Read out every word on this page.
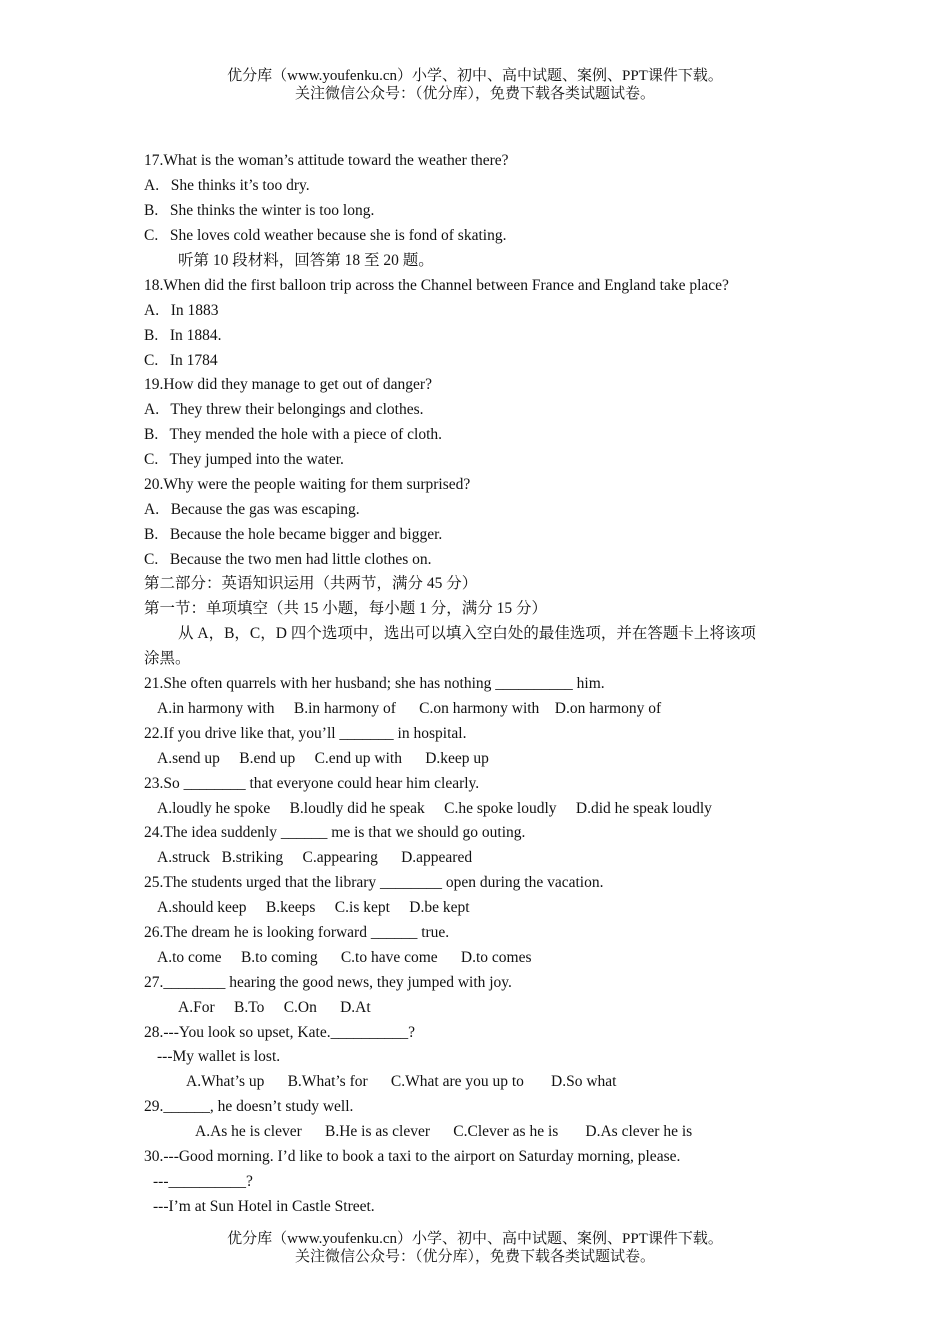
优分库（www.youfenku.cn）小学、初中、高中试题、案例、PPT课件下载。
关注微信公众号：（优分库），免费下载各类试题试卷。
17.What is the woman’s attitude toward the weather there?
A.   She thinks it’s too dry.
B.   She thinks the winter is too long.
C.   She loves cold weather because she is fond of skating.
听第 10 段材料，回答第 18 至 20 题。
18.When did the first balloon trip across the Channel between France and England take place?
A.   In 1883
B.   In 1884.
C.   In 1784
19.How did they manage to get out of danger?
A.   They threw their belongings and clothes.
B.   They mended the hole with a piece of cloth.
C.   They jumped into the water.
20.Why were the people waiting for them surprised?
A.   Because the gas was escaping.
B.   Because the hole became bigger and bigger.
C.   Because the two men had little clothes on.
第二部分：英语知识运用（共两节，满分 45 分）
第一节：单项填空（共 15 小题，每小题 1 分，满分 15 分）
从 A，B，C，D 四个选项中，选出可以填入空白处的最佳选项，并在答题卡上将该项
涂黑。
21.She often quarrels with her husband; she has nothing __________ him.
A.in harmony with     B.in harmony of      C.on harmony with    D.on harmony of
22.If you drive like that, you’ll _______ in hospital.
A.send up     B.end up     C.end up with      D.keep up
23.So ________ that everyone could hear him clearly.
A.loudly he spoke     B.loudly did he speak     C.he spoke loudly     D.did he speak loudly
24.The idea suddenly ______ me is that we should go outing.
A.struck   B.striking     C.appearing      D.appeared
25.The students urged that the library ________ open during the vacation.
A.should keep     B.keeps     C.is kept     D.be kept
26.The dream he is looking forward ______ true.
A.to come     B.to coming      C.to have come      D.to comes
27.________ hearing the good news, they jumped with joy.
A.For     B.To     C.On      D.At
28.---You look so upset, Kate.__________?
---My wallet is lost.
A.What’s up      B.What’s for      C.What are you up to       D.So what
29.______, he doesn’t study well.
A.As he is clever      B.He is as clever      C.Clever as he is       D.As clever he is
30.---Good morning. I’d like to book a taxi to the airport on Saturday morning, please.
---__________?
---I’m at Sun Hotel in Castle Street.
优分库（www.youfenku.cn）小学、初中、高中试题、案例、PPT课件下载。
关注微信公众号：（优分库），免费下载各类试题试卷。
